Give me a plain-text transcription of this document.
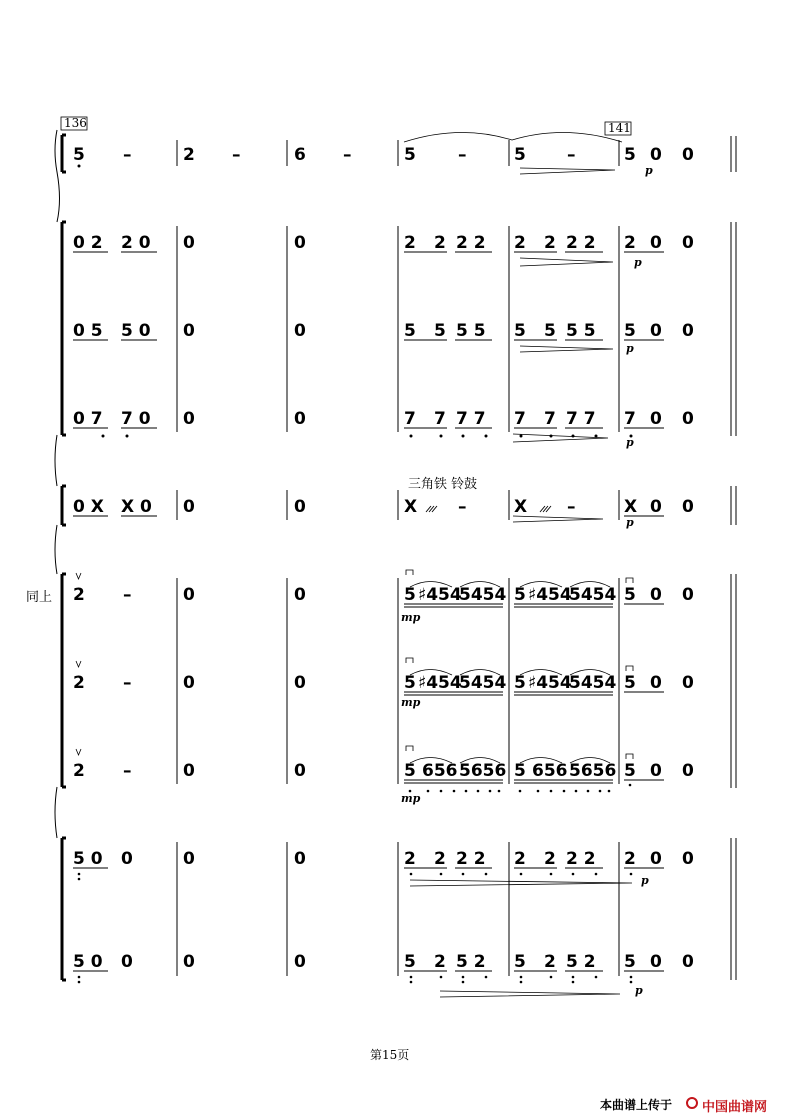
5 –	2 –	6 –	5 –	5 –	5 0 0
0 2 2 0 0	0	2 2 2 2 2 2 2 2 2 0 0
0 5 5 0 0	0	5 5 5 5 5 5 5 5 5 0 0
0 7 7 0 0	0	7 7 7 7 7 7 7 7 7 0 0
0 X X 0 0	0	X –	X –	X 0 0
2 –	0	0	5 ♯454
5454 5 ♯454
5454 5 0 0
2 –	0	0	5 ♯454
5454 5 ♯454
5454 5 0 0
2 –	0	0	5 656 5656 5 656 5656 5 0 0
5 0 0	0	0	2 2 2 2 2 2 2 2 2 0 0
5 0 0	0	0	5 2 5 2 5 2 5 2 5 0 0
p
p
p
p
p
mp
mp
mp
p
p
136	141
同上
三角铁 铃鼓
第15页
本曲谱上传于 中国曲谱网
